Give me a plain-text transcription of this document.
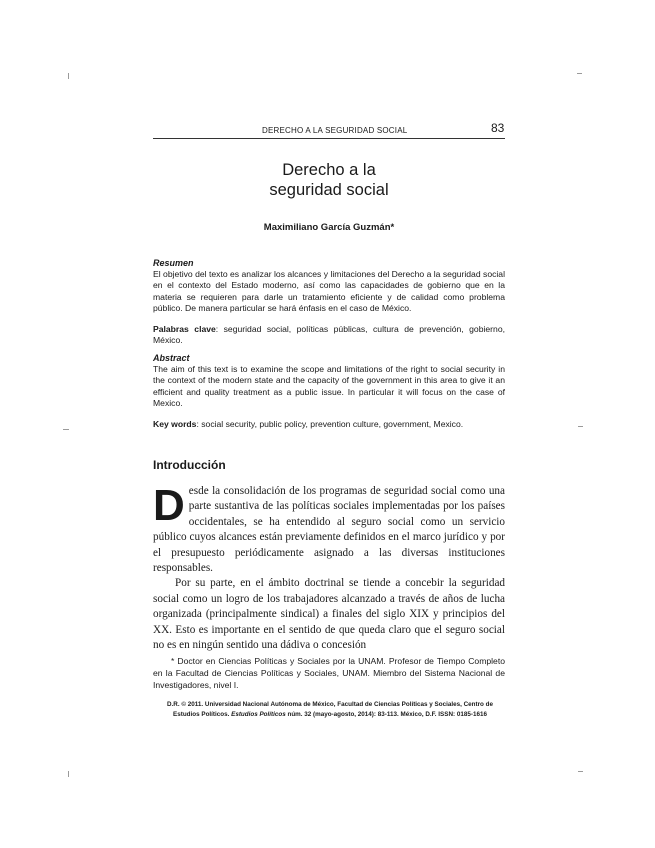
DERECHO A LA SEGURIDAD SOCIAL	83
Derecho a la
seguridad social
Maximiliano García Guzmán*
Resumen
El objetivo del texto es analizar los alcances y limitaciones del Derecho a la seguridad social en el contexto del Estado moderno, así como las capacidades de gobierno que en la materia se requieren para darle un tratamiento eficiente y de calidad como problema público. De manera particular se hará énfasis en el caso de México.
Palabras clave: seguridad social, políticas públicas, cultura de prevención, gobierno, México.
Abstract
The aim of this text is to examine the scope and limitations of the right to social security in the context of the modern state and the capacity of the government in this area to give it an efficient and quality treatment as a public issue. In particular it will focus on the case of Mexico.
Key words: social security, public policy, prevention culture, government, Mexico.
Introducción

Desde la consolidación de los programas de seguridad social como una parte sustantiva de las políticas sociales implementadas por los países occidentales, se ha entendido al seguro social como un servicio público cuyos alcances están previamente definidos en el marco jurídico y por el presupuesto periódicamente asignado a las diversas instituciones responsables.

Por su parte, en el ámbito doctrinal se tiende a concebir la seguridad social como un logro de los trabajadores alcanzado a través de años de lucha organizada (principalmente sindical) a finales del siglo XIX y principios del XX. Esto es importante en el sentido de que queda claro que el seguro social no es en ningún sentido una dádiva o concesión

* Doctor en Ciencias Políticas y Sociales por la UNAM. Profesor de Tiempo Completo en la Facultad de Ciencias Políticas y Sociales, UNAM. Miembro del Sistema Nacional de Investigadores, nivel I.
D.R. © 2011. Universidad Nacional Autónoma de México, Facultad de Ciencias Políticas y Sociales, Centro de Estudios Políticos. Estudios Políticos núm. 32 (mayo-agosto, 2014): 83-113. México, D.F. ISSN: 0185-1616
